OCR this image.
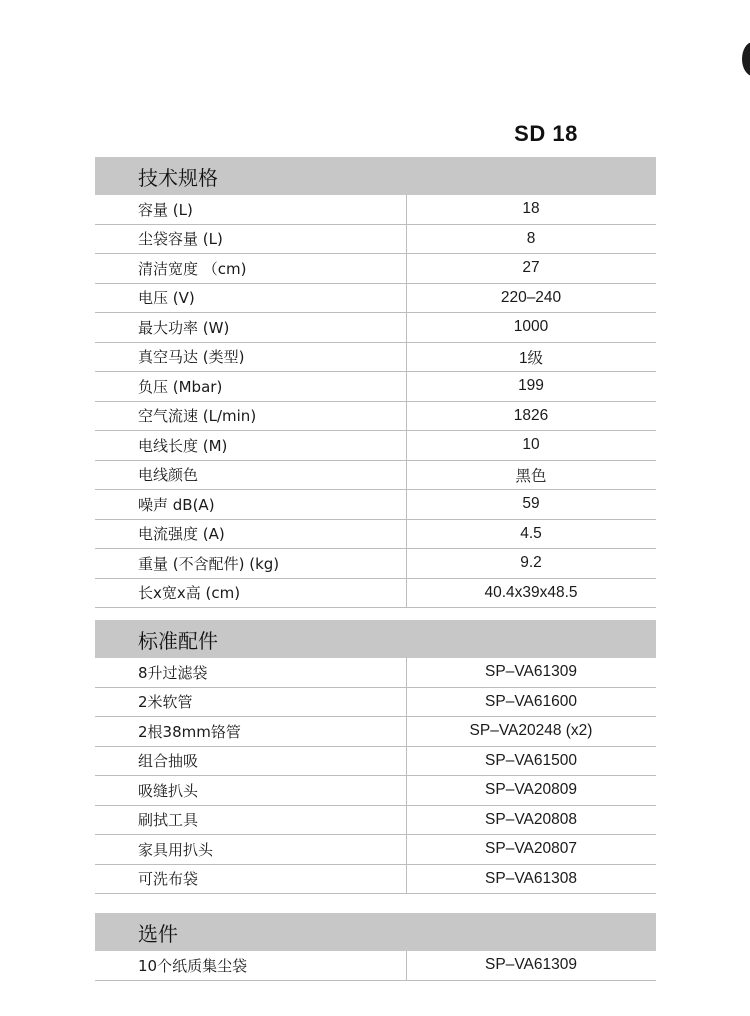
SD 18
技术规格
容量 (L)	18
尘袋容量 (L)	8
清洁宽度 （cm)	27
电压 (V)	220–240
最大功率 (W)	1000
真空马达 (类型)	1级
负压 (Mbar)	199
空气流速 (L/min)	1826
电线长度 (M)	10
电线颜色	黑色
噪声 dB(A)	59
电流强度 (A)	4.5
重量 (不含配件) (kg)	9.2
长x宽x高 (cm)	40.4x39x48.5
标准配件
8升过滤袋	SP–VA61309
2米软管	SP–VA61600
2根38mm铬管	SP–VA20248 (x2)
组合抽吸	SP–VA61500
吸缝扒头	SP–VA20809
刷拭工具	SP–VA20808
家具用扒头	SP–VA20807
可洗布袋	SP–VA61308
选件
10个纸质集尘袋	SP–VA61309
